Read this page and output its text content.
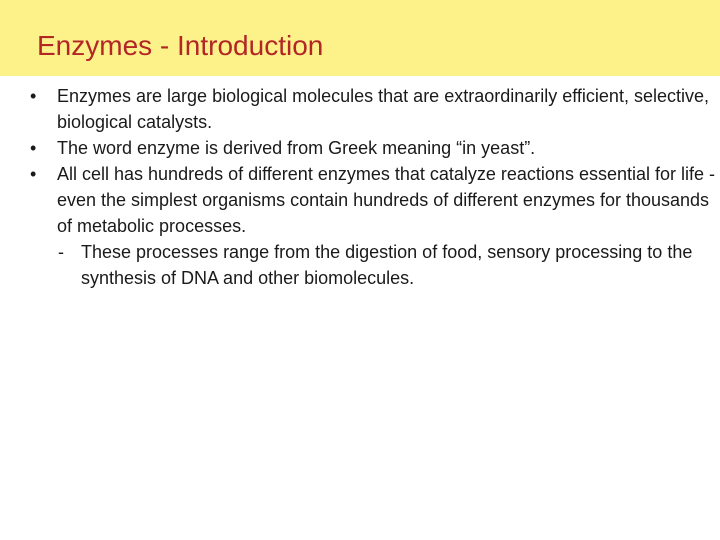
Enzymes - Introduction
• Enzymes are large biological molecules that are extraordinarily efficient, selective, biological catalysts.
• The word enzyme is derived from Greek meaning “in yeast”.
• All cell has hundreds of different enzymes that catalyze reactions essential for life - even the simplest organisms contain hundreds of different enzymes for thousands of metabolic processes.
- These processes range from the digestion of food, sensory processing to the synthesis of DNA and other biomolecules.
